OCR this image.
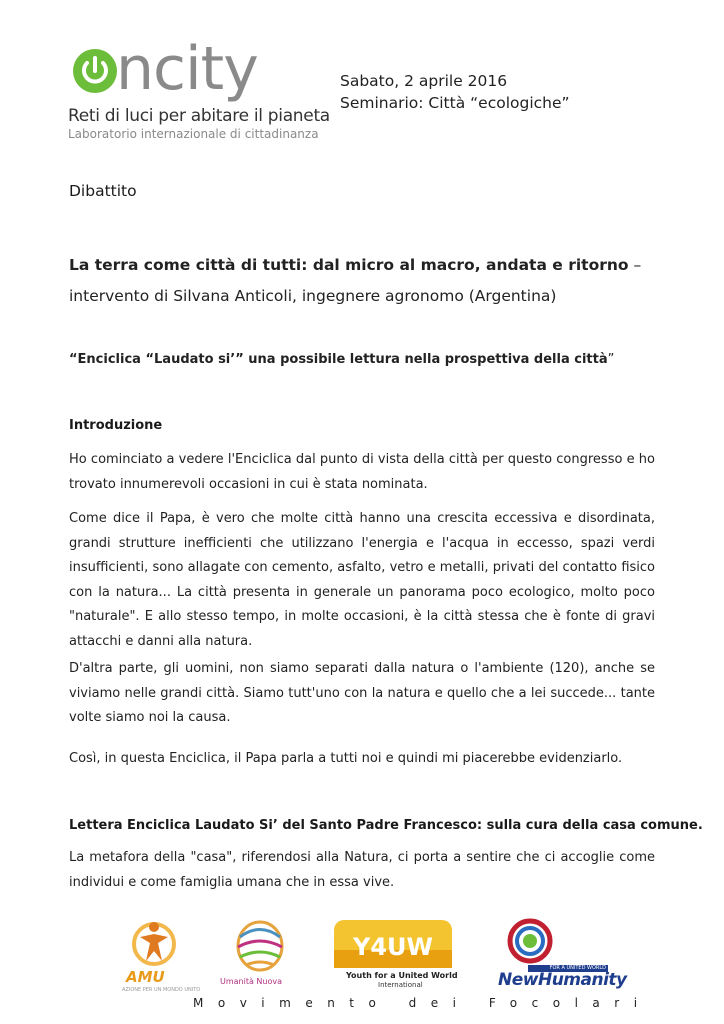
ncity
Reti di luci per abitare il pianeta
Laboratorio internazionale di cittadinanza
Sabato, 2 aprile 2016
Seminario: Città “ecologiche”
Dibattito
La terra come città di tutti: dal micro al macro, andata e ritorno – intervento di Silvana Anticoli, ingegnere agronomo (Argentina)
“Enciclica “Laudato si’” una possibile lettura nella prospettiva della città”
Introduzione
Ho cominciato a vedere l'Enciclica dal punto di vista della città per questo congresso e ho trovato innumerevoli occasioni in cui è stata nominata.
Come dice il Papa, è vero che molte città hanno una crescita eccessiva e disordinata, grandi strutture inefficienti che utilizzano l'energia e l'acqua in eccesso, spazi verdi insufficienti, sono allagate con cemento, asfalto, vetro e metalli, privati del contatto fisico con la natura... La città presenta in generale un panorama poco ecologico, molto poco "naturale". E allo stesso tempo, in molte occasioni, è la città stessa che è fonte di gravi attacchi e danni alla natura.
D'altra parte, gli uomini, non siamo separati dalla natura o l'ambiente (120), anche se viviamo nelle grandi città. Siamo tutt'uno con la natura e quello che a lei succede... tante volte siamo noi la causa.
Così, in questa Enciclica, il Papa parla a tutti noi e quindi mi piacerebbe evidenziarlo.
Lettera Enciclica Laudato Si’ del Santo Padre Francesco: sulla cura della casa comune.
La metafora della "casa", riferendosi alla Natura, ci porta a sentire che ci accoglie come individui e come famiglia umana che in essa vive.
AMU
AZIONE PER UN MONDO UNITO
Umanità Nuova
Y4UW
Youth for a United World
International
FOR A UNITED WORLD
NewHumanity
Movimento dei Focolari
